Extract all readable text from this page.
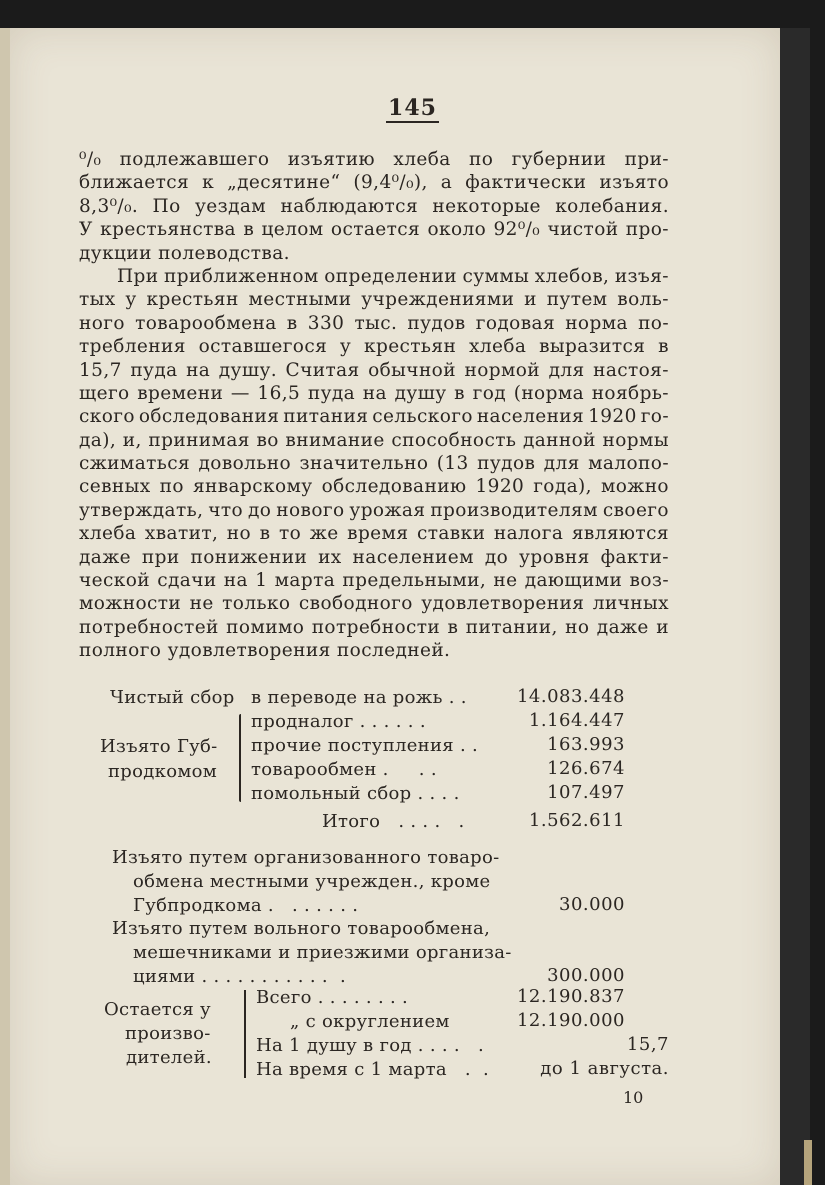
145
⁰/₀ подлежавшего изъятию хлеба по губернии при-
ближается к „десятине“ (9,4⁰/₀), а фактически изъято
8,3⁰/₀. По уездам наблюдаются некоторые колебания.
У крестьянства в целом остается около 92⁰/₀ чистой про-
дукции полеводства.
При приближенном определении суммы хлебов, изъя-
тых у крестьян местными учреждениями и путем воль-
ного товарообмена в 330 тыс. пудов годовая норма по-
требления оставшегося у крестьян хлеба выразится в
15,7 пуда на душу. Считая обычной нормой для настоя-
щего времени — 16,5 пуда на душу в год (норма ноябрь-
ского обследования питания сельского населения 1920 го-
да), и, принимая во внимание способность данной нормы
сжиматься довольно значительно (13 пудов для малопо-
севных по январскому обследованию 1920 года), можно
утверждать, что до нового урожая производителям своего
хлеба хватит, но в то же время ставки налога являются
даже при понижении их населением до уровня факти-
ческой сдачи на 1 марта предельными, не дающими воз-
можности не только свободного удовлетворения личных
потребностей помимо потребности в питании, но даже и
полного удовлетворения последней.
Чистый сбор в переводе на рожь . .	14.083.448
Изъято Губ-
продкомом
продналог . . . . . .	1.164.447
прочие поступления . .	163.993
товарообмен .     . .	126.674
помольный сбор . . . .	107.497
Итого   . . . .   .	1.562.611
Изъято путем организованного товаро-
обмена местными учрежден., кроме
Губпродкома .   . . . . . .	30.000
Изъято путем вольного товарообмена,
мешечниками и приезжими организа-
циями . . . . . . . . . . .  .	300.000
Остается у
произво-
дителей.
Всего . . . . . . . .	12.190.837
„ с округлением	12.190.000
На 1 душу в год . . . .   .	15,7
На время с 1 марта   .  .	до 1 августа.
10
